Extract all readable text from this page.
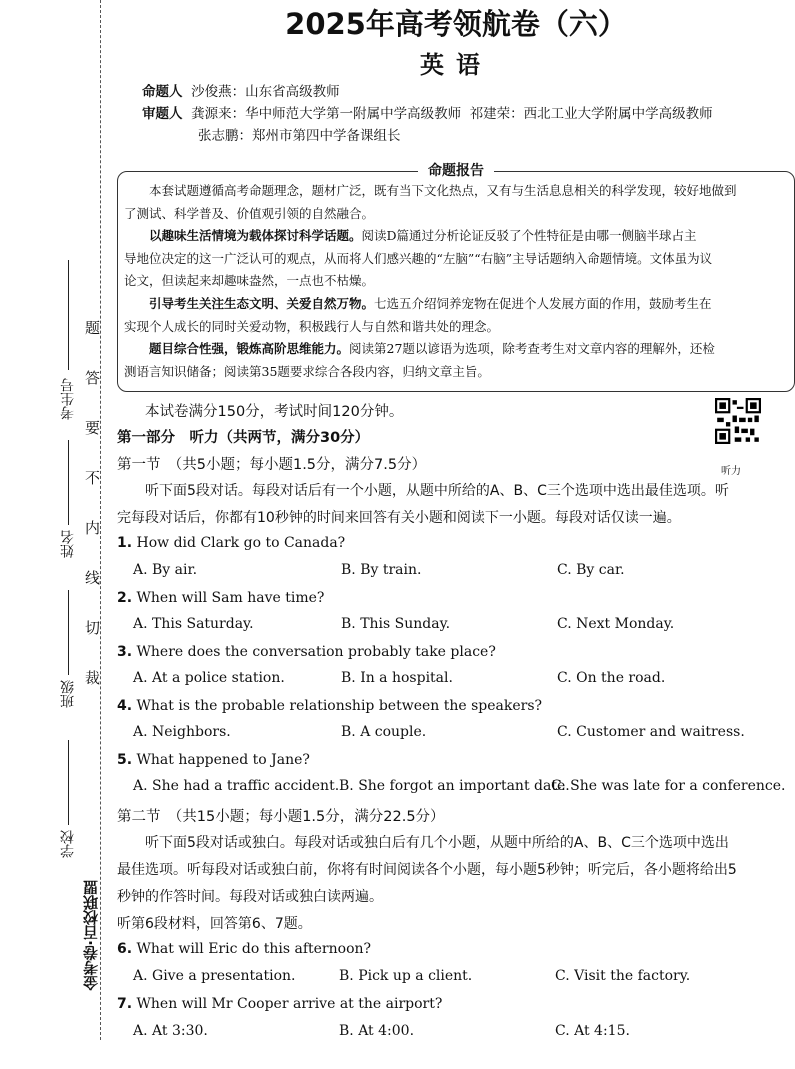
考生号
姓名
班级
学校
金考卷·百校联盟
题
答
要
不
内
线
切
裁
2025年高考领航卷（六）
英语
命题人 沙俊燕：山东省高级教师
审题人 龚源来：华中师范大学第一附属中学高级教师 祁建荣：西北工业大学附属中学高级教师
张志鹏：郑州市第四中学备课组长

本套试题遵循高考命题理念，题材广泛，既有当下文化热点，又有与生活息息相关的科学发现，较好地做到

了测试、科学普及、价值观引领的自然融合。

以趣味生活情境为载体探讨科学话题。阅读D篇通过分析论证反驳了个性特征是由哪一侧脑半球占主

导地位决定的这一广泛认可的观点，从而将人们感兴趣的“左脑”“右脑”主导话题纳入命题情境。文体虽为议

论文，但读起来却趣味盎然，一点也不枯燥。

引导考生关注生态文明、关爱自然万物。七选五介绍饲养宠物在促进个人发展方面的作用，鼓励考生在

实现个人成长的同时关爱动物，积极践行人与自然和谐共处的理念。

题目综合性强，锻炼高阶思维能力。阅读第27题以谚语为选项，除考查考生对文章内容的理解外，还检

测语言知识储备；阅读第35题要求综合各段内容，归纳文章主旨。

命题报告
听力
本试卷满分150分，考试时间120分钟。
第一部分　听力（共两节，满分30分）
第一节　（共5小题；每小题1.5分，满分7.5分）
听下面5段对话。每段对话后有一个小题，从题中所给的A、B、C三个选项中选出最佳选项。听
完每段对话后，你都有10秒钟的时间来回答有关小题和阅读下一小题。每段对话仅读一遍。
1. How did Clark go to Canada?
A. By air.	B. By train.	C. By car.
2. When will Sam have time?
A. This Saturday.	B. This Sunday.	C. Next Monday.
3. Where does the conversation probably take place?
A. At a police station.	B. In a hospital.	C. On the road.
4. What is the probable relationship between the speakers?
A. Neighbors.	B. A couple.	C. Customer and waitress.
5. What happened to Jane?
A. She had a traffic accident. B. She forgot an important date.
C. She was late for a conference.
第二节　（共15小题；每小题1.5分，满分22.5分）
听下面5段对话或独白。每段对话或独白后有几个小题，从题中所给的A、B、C三个选项中选出
最佳选项。听每段对话或独白前，你将有时间阅读各个小题，每小题5秒钟；听完后，各小题将给出5
秒钟的作答时间。每段对话或独白读两遍。
听第6段材料，回答第6、7题。
6. What will Eric do this afternoon?
A. Give a presentation.	B. Pick up a client.	C. Visit the factory.
7. When will Mr Cooper arrive at the airport?
A. At 3:30.	B. At 4:00.	C. At 4:15.
